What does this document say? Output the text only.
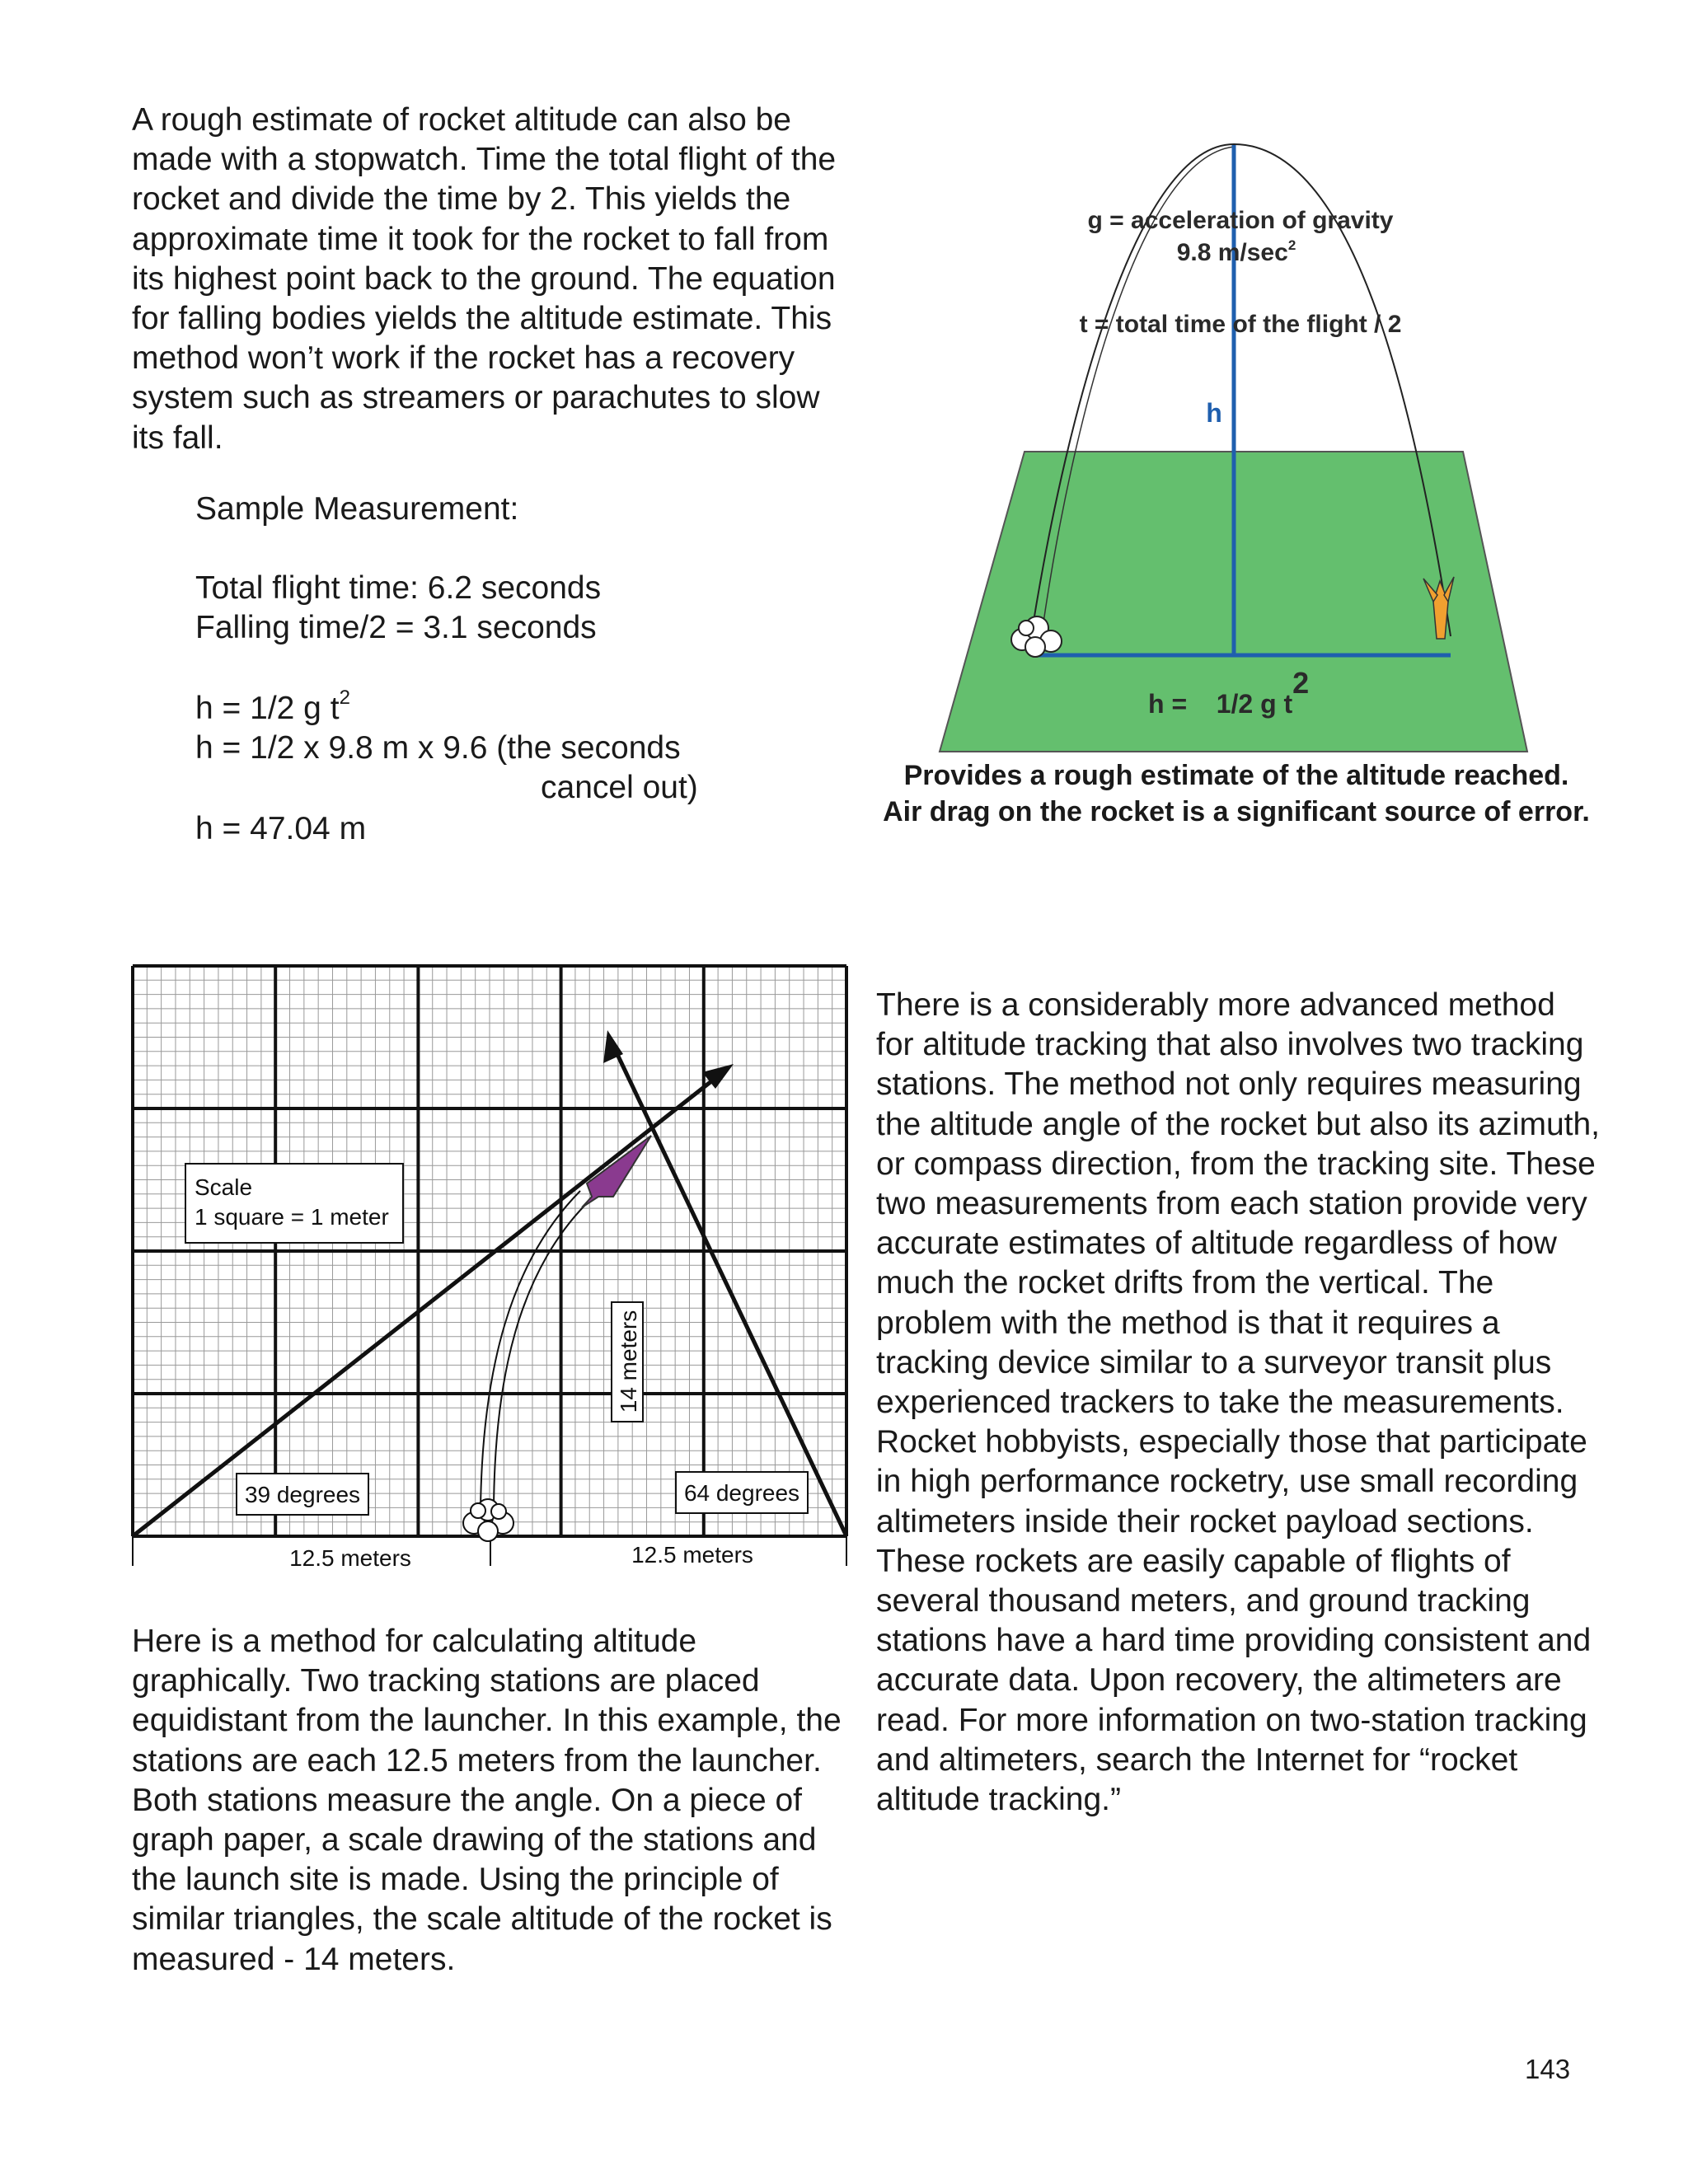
A rough estimate of rocket altitude can also be made with a stopwatch. Time the total flight of the rocket and divide the time by 2. This yields the approximate time it took for the rocket to fall from its highest point back to the ground. The equation for falling bodies yields the altitude estimate. This method won’t work if the rocket has a recovery system such as streamers or parachutes to slow its fall.

Sample Measurement:
Total flight time: 6.2 seconds
Falling time/2 = 3.1 seconds
h = 1/2 g $t^2$
h = 1/2 x 9.8 m x 9.6 (the seconds
cancel out)
h = 47.04 m
g = acceleration of gravity
9.8 $m/\sec^2$
t = total time of the flight / 2
h
h =    1/2 g t2
Provides a rough estimate of the altitude reached.
Air drag on the rocket is a significant source of error.
Scale
1 square = 1 meter
14 meters
39 degrees	64 degrees
12.5 meters	12.5 meters

Here is a method for calculating altitude graphically. Two tracking stations are placed equidistant from the launcher. In this example, the stations are each 12.5 meters from the launcher. Both stations measure the angle. On a piece of graph paper, a scale drawing of the stations and the launch site is made. Using the principle of similar triangles, the scale altitude of the rocket is measured - 14 meters.

There is a considerably more advanced method for altitude tracking that also involves two tracking stations. The method not only requires measuring the altitude angle of the rocket but also its azimuth, or compass direction, from the tracking site. These two measurements from each station provide very accurate estimates of altitude regardless of how much the rocket drifts from the vertical. The problem with the method is that it requires a tracking device similar to a surveyor transit plus experienced trackers to take the measurements. Rocket hobbyists, especially those that participate in high performance rocketry, use small recording altimeters inside their rocket payload sections. These rockets are easily capable of flights of several thousand meters, and ground tracking stations have a hard time providing consistent and accurate data. Upon recovery, the altimeters are read. For more information on two-station tracking and altimeters, search the Internet for “rocket altitude tracking.”

143
